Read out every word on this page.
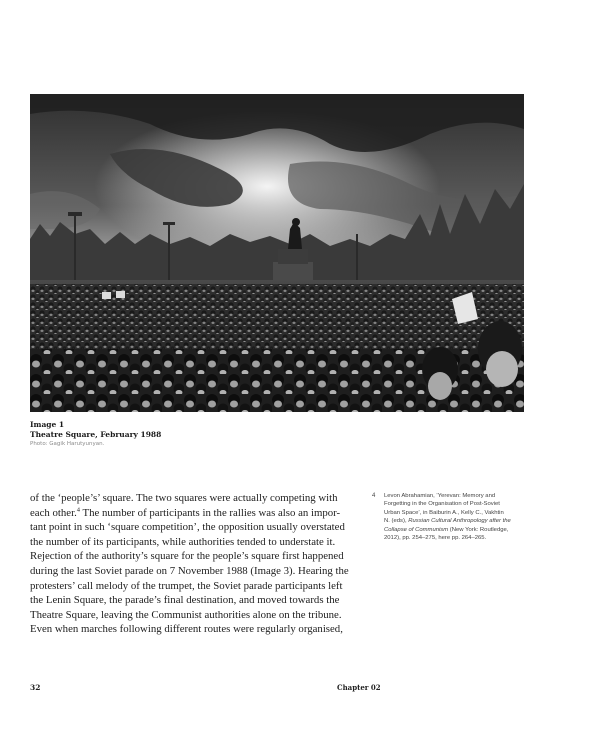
Image 1
Theatre Square, February 1988
Photo: Gagik Harutyunyan.
of the ‘people’s’ square. The two squares were actually competing with
each other.$^4$ The number of participants in the rallies was also an impor-
tant point in such ‘square competition’, the opposition usually overstated
the number of its participants, while authorities tended to understate it.
Rejection of the authority’s square for the people’s square first happened
during the last Soviet parade on 7 November 1988 (Image 3). Hearing the
protesters’ call melody of the trumpet, the Soviet parade participants left
the Lenin Square, the parade’s final destination, and moved towards the
Theatre Square, leaving the Communist authorities alone on the tribune.
Even when marches following different routes were regularly organised,
4 Levon Abrahamian, ‘Yerevan: Memory and
Forgetting in the Organisation of Post-Soviet
Urban Space’, in Baiburin A., Kelly C., Vakhtin
N. (eds), Russian Cultural Anthropology after the
Collapse of Communism (New York: Routledge,
2012), pp. 254–275, here pp. 264–265.
32	Chapter 02
